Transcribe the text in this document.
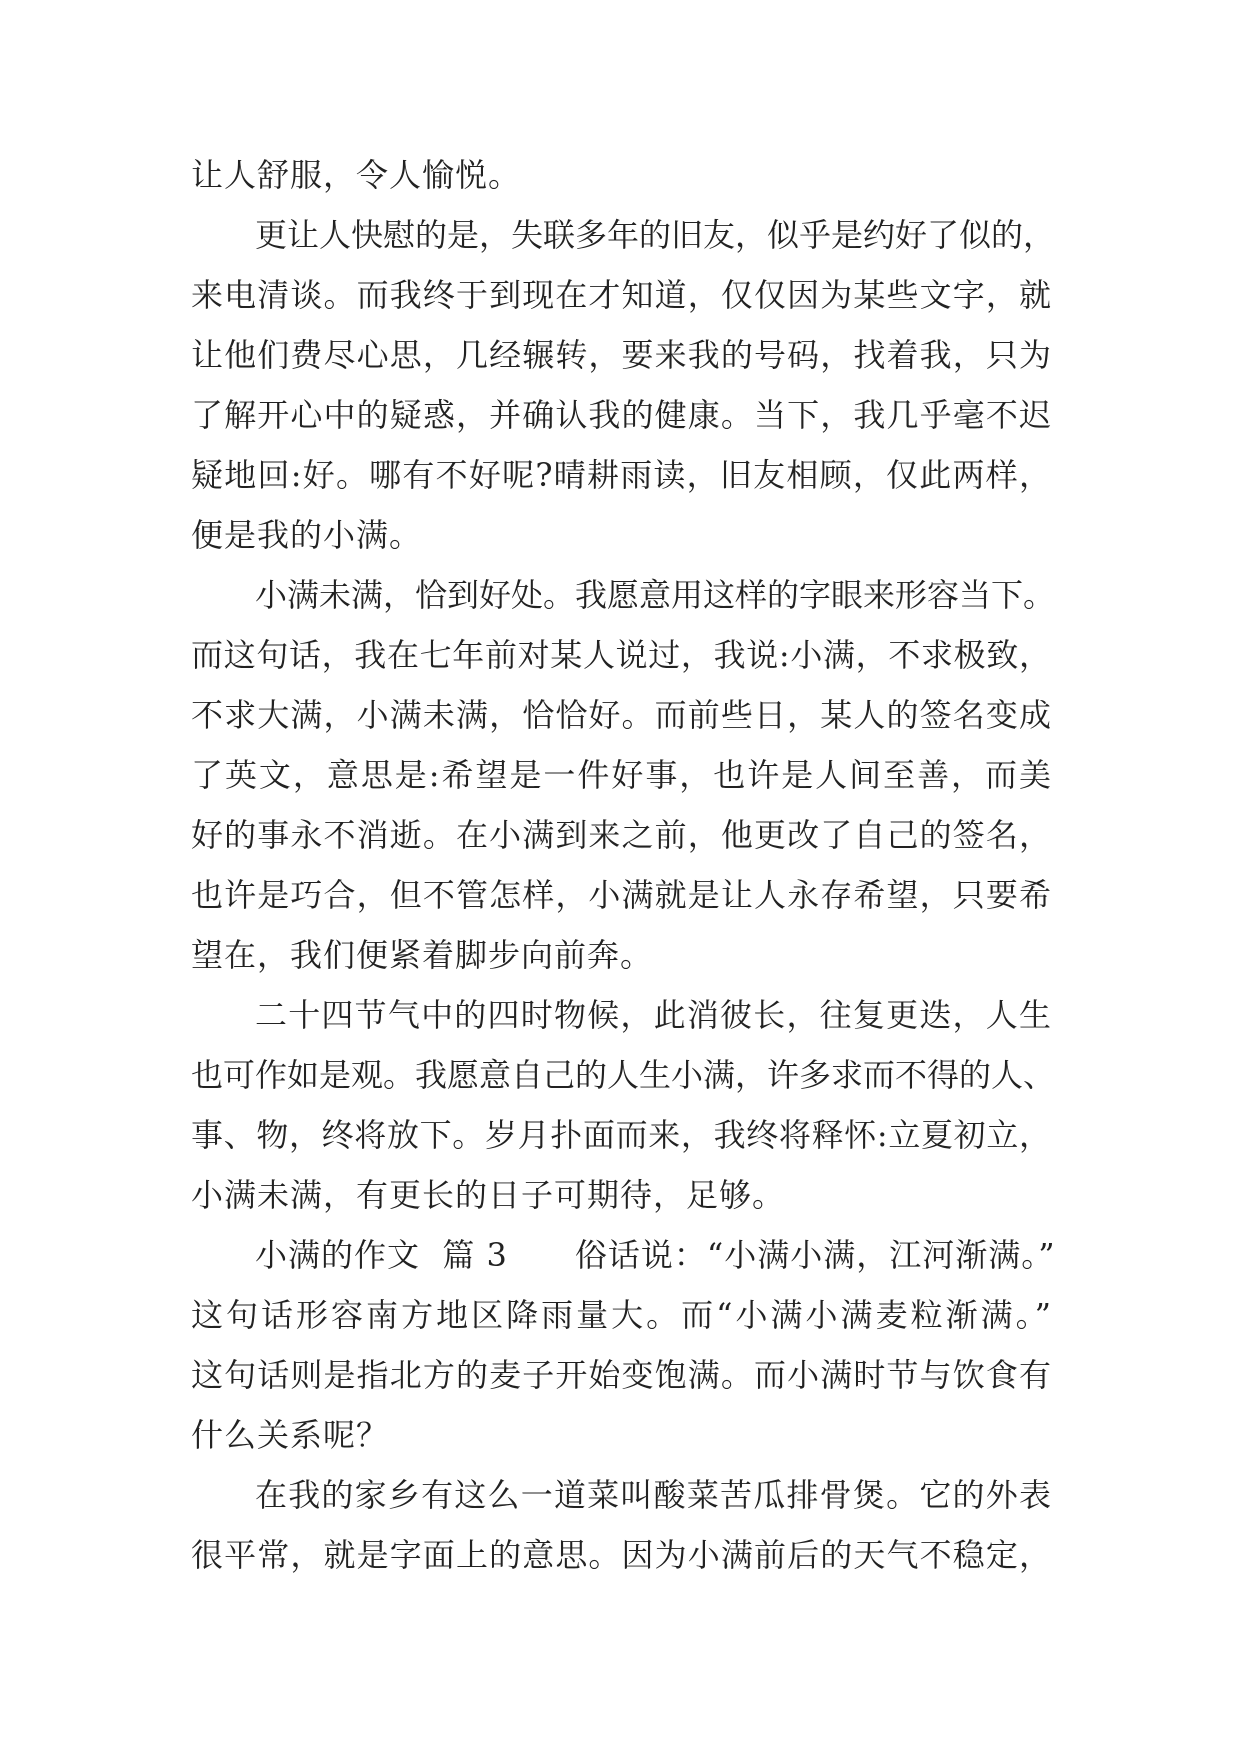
让人舒服，令人愉悦。
更让人快慰的是，失联多年的旧友，似乎是约好了似的，
来电清谈。而我终于到现在才知道，仅仅因为某些文字，就
让他们费尽心思，几经辗转，要来我的号码，找着我，只为
了解开心中的疑惑，并确认我的健康。当下，我几乎毫不迟
疑地回:好。哪有不好呢?晴耕雨读，旧友相顾，仅此两样，
便是我的小满。
小满未满，恰到好处。我愿意用这样的字眼来形容当下。
而这句话，我在七年前对某人说过，我说:小满，不求极致，
不求大满，小满未满，恰恰好。而前些日，某人的签名变成
了英文，意思是:希望是一件好事，也许是人间至善，而美
好的事永不消逝。在小满到来之前，他更改了自己的签名，
也许是巧合，但不管怎样，小满就是让人永存希望，只要希
望在，我们便紧着脚步向前奔。
二十四节气中的四时物候，此消彼长，往复更迭，人生
也可作如是观。我愿意自己的人生小满，许多求而不得的人、
事、物，终将放下。岁月扑面而来，我终将释怀:立夏初立，
小满未满，有更长的日子可期待，足够。
小满的作文  篇 3      俗话说：“小满小满，江河渐满。”
这句话形容南方地区降雨量大。而“小满小满麦粒渐满。”
这句话则是指北方的麦子开始变饱满。而小满时节与饮食有
什么关系呢？
在我的家乡有这么一道菜叫酸菜苦瓜排骨煲。它的外表
很平常，就是字面上的意思。因为小满前后的天气不稳定，
